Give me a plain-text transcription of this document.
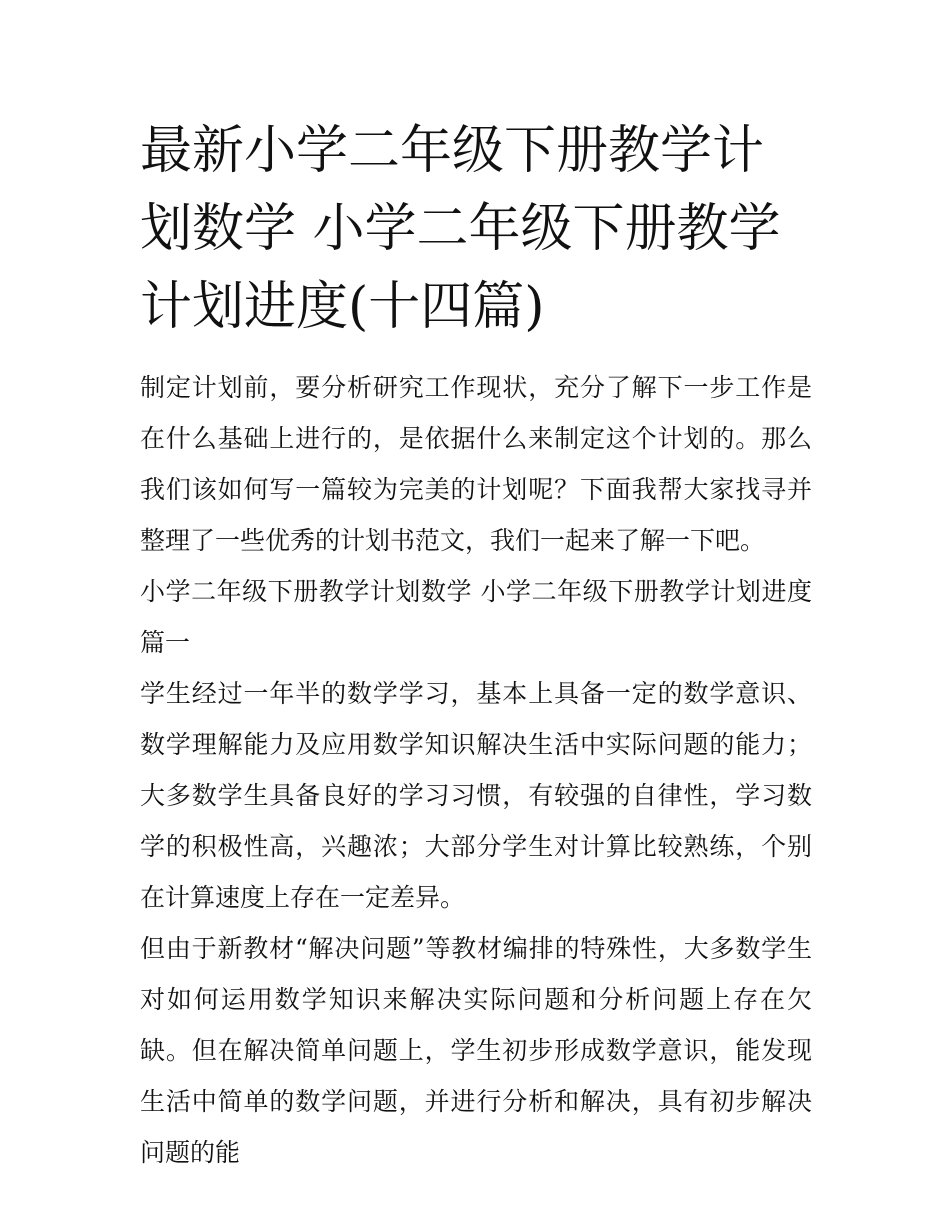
最新小学二年级下册教学计划数学 小学二年级下册教学计划进度(十四篇)

制定计划前，要分析研究工作现状，充分了解下一步工作是在什么基础上进行的，是依据什么来制定这个计划的。那么我们该如何写一篇较为完美的计划呢？下面我帮大家找寻并整理了一些优秀的计划书范文，我们一起来了解一下吧。

小学二年级下册教学计划数学 小学二年级下册教学计划进度篇一

学生经过一年半的数学学习，基本上具备一定的数学意识、数学理解能力及应用数学知识解决生活中实际问题的能力；大多数学生具备良好的学习习惯，有较强的自律性，学习数学的积极性高，兴趣浓；大部分学生对计算比较熟练，个别在计算速度上存在一定差异。

但由于新教材“解决问题”等教材编排的特殊性，大多数学生对如何运用数学知识来解决实际问题和分析问题上存在欠缺。但在解决简单问题上，学生初步形成数学意识，能发现生活中简单的数学问题，并进行分析和解决，具有初步解决问题的能
